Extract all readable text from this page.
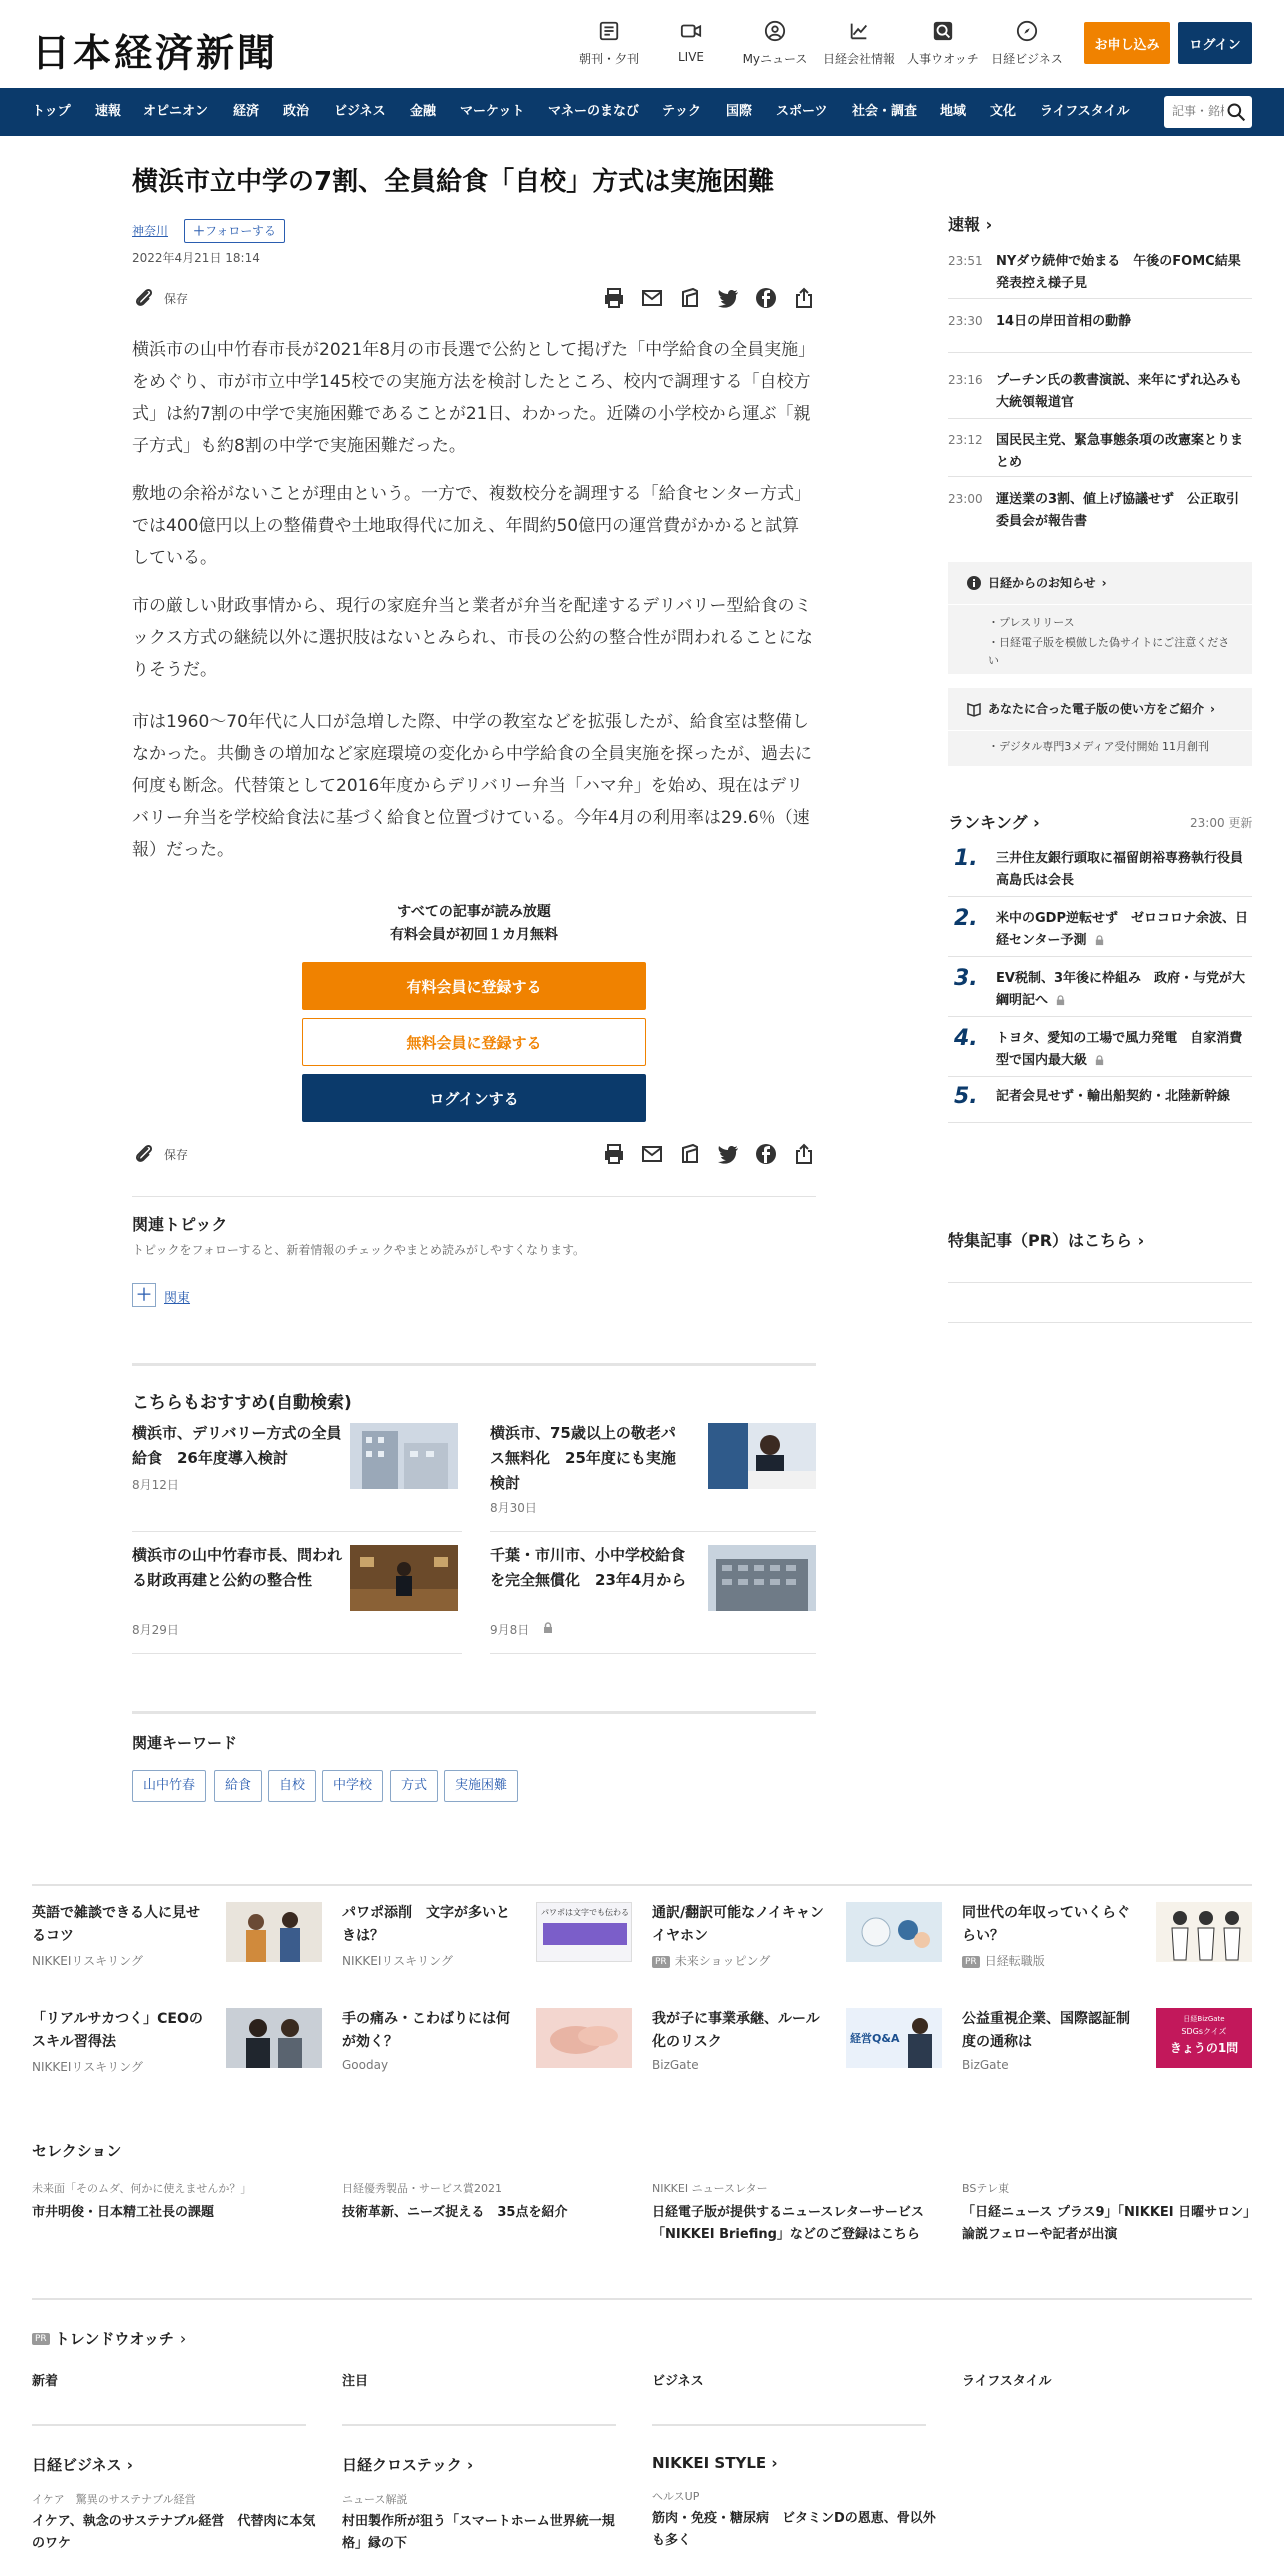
日本経済新聞	朝刊・夕刊	LIVE	Myニュース	日経会社情報 人事ウオッチ 日経ビジネス
お申し込み	ログイン
トップ 速報 オピニオン 経済 政治 ビジネス 金融 マーケット マネーのまなび テック 国際 スポーツ 社会・調査 地域 文化 ライフスタイル
記事・銘柄
横浜市立中学の7割、全員給食「自校」方式は実施困難
神奈川	＋フォローする
2022年4月21日 18:14
保存

横浜市の山中竹春市長が2021年8月の市長選で公約として掲げた「中学給食の全員実施」をめぐり、市が市立中学145校での実施方法を検討したところ、校内で調理する「自校方式」は約7割の中学で実施困難であることが21日、わかった。近隣の小学校から運ぶ「親子方式」も約8割の中学で実施困難だった。

敷地の余裕がないことが理由という。一方で、複数校分を調理する「給食センター方式」では400億円以上の整備費や土地取得代に加え、年間約50億円の運営費がかかると試算している。

市の厳しい財政事情から、現行の家庭弁当と業者が弁当を配達するデリバリー型給食のミックス方式の継続以外に選択肢はないとみられ、市長の公約の整合性が問われることになりそうだ。

市は1960～70年代に人口が急増した際、中学の教室などを拡張したが、給食室は整備しなかった。共働きの増加など家庭環境の変化から中学給食の全員実施を探ったが、過去に何度も断念。代替策として2016年度からデリバリー弁当「ハマ弁」を始め、現在はデリバリー弁当を学校給食法に基づく給食と位置づけている。今年4月の利用率は29.6％（速報）だった。

すべての記事が読み放題
有料会員が初回１カ月無料
有料会員に登録する
無料会員に登録する
ログインする
保存
関連トピック
トピックをフォローすると、新着情報のチェックやまとめ読みがしやすくなります。
＋ 関東
こちらもおすすめ(自動検索)
横浜市、デリバリー方式の全員給食　26年度導入検討
8月12日
横浜市、75歳以上の敬老パス無料化　25年度にも実施検討
8月30日
横浜市の山中竹春市長、問われる財政再建と公約の整合性
8月29日
千葉・市川市、小中学校給食を完全無償化　23年4月から
9月8日
関連キーワード
山中竹春	給食	自校	中学校	方式	実施困難
速報 ›
23:51 NYダウ続伸で始まる　午後のFOMC結果発表控え様子見
23:30 14日の岸田首相の動静
23:16 プーチン氏の教書演説、来年にずれ込みも　大統領報道官
23:12 国民民主党、緊急事態条項の改憲案とりまとめ
23:00 運送業の3割、値上げ協議せず　公正取引委員会が報告書
日経からのお知らせ ›
・プレスリリース
・日経電子版を模倣した偽サイトにご注意ください
あなたに合った電子版の使い方をご紹介 ›
・デジタル専門3メディア受付開始 11月創刊
ランキング ›	23:00 更新
1. 三井住友銀行頭取に福留朗裕専務執行役員　高島氏は会長
2. 米中のGDP逆転せず　ゼロコロナ余波、日経センター予測
3. EV税制、3年後に枠組み　政府・与党が大綱明記へ
4. トヨタ、愛知の工場で風力発電　自家消費型で国内最大級
5. 記者会見せず・輸出船契約・北陸新幹線
特集記事（PR）はこちら ›
英語で雑談できる人に見せるコツ
NIKKEIリスキリング
パワポ添削　文字が多いときは？
NIKKEIリスキリング
パワポは文字でも伝わる 通訳/翻訳可能なノイキャンイヤホン
PR 未来ショッピング
同世代の年収っていくらぐらい？
PR 日経転職版
「リアルサカつく」CEOのスキル習得法
NIKKEIリスキリング
手の痛み・こわばりには何が効く？
Gooday
我が子に事業承継、ルール化のリスク
BizGate
経営Q&A
公益重視企業、国際認証制度の通称は
BizGate
日経BizGate
SDGsクイズ
きょうの1問
セレクション
未来面「そのムダ、何かに使えませんか？」
市井明俊・日本精工社長の課題
日経優秀製品・サービス賞2021
技術革新、ニーズ捉える　35点を紹介
NIKKEI ニュースレター
日経電子版が提供するニュースレターサービス「NIKKEI Briefing」などのご登録はこちら
BSテレ東
「日経ニュース プラス9」「NIKKEI 日曜サロン」論説フェローや記者が出演
PR トレンドウオッチ ›
新着	注目	ビジネス	ライフスタイル
日経ビジネス ›
イケア　驚異のサステナブル経営
イケア、執念のサステナブル経営　代替肉に本気のワケ
日経クロステック ›
ニュース解説
村田製作所が狙う「スマートホーム世界統一規格」縁の下
NIKKEI STYLE ›
ヘルスUP
筋肉・免疫・糖尿病　ビタミンDの恩恵、骨以外も多く
